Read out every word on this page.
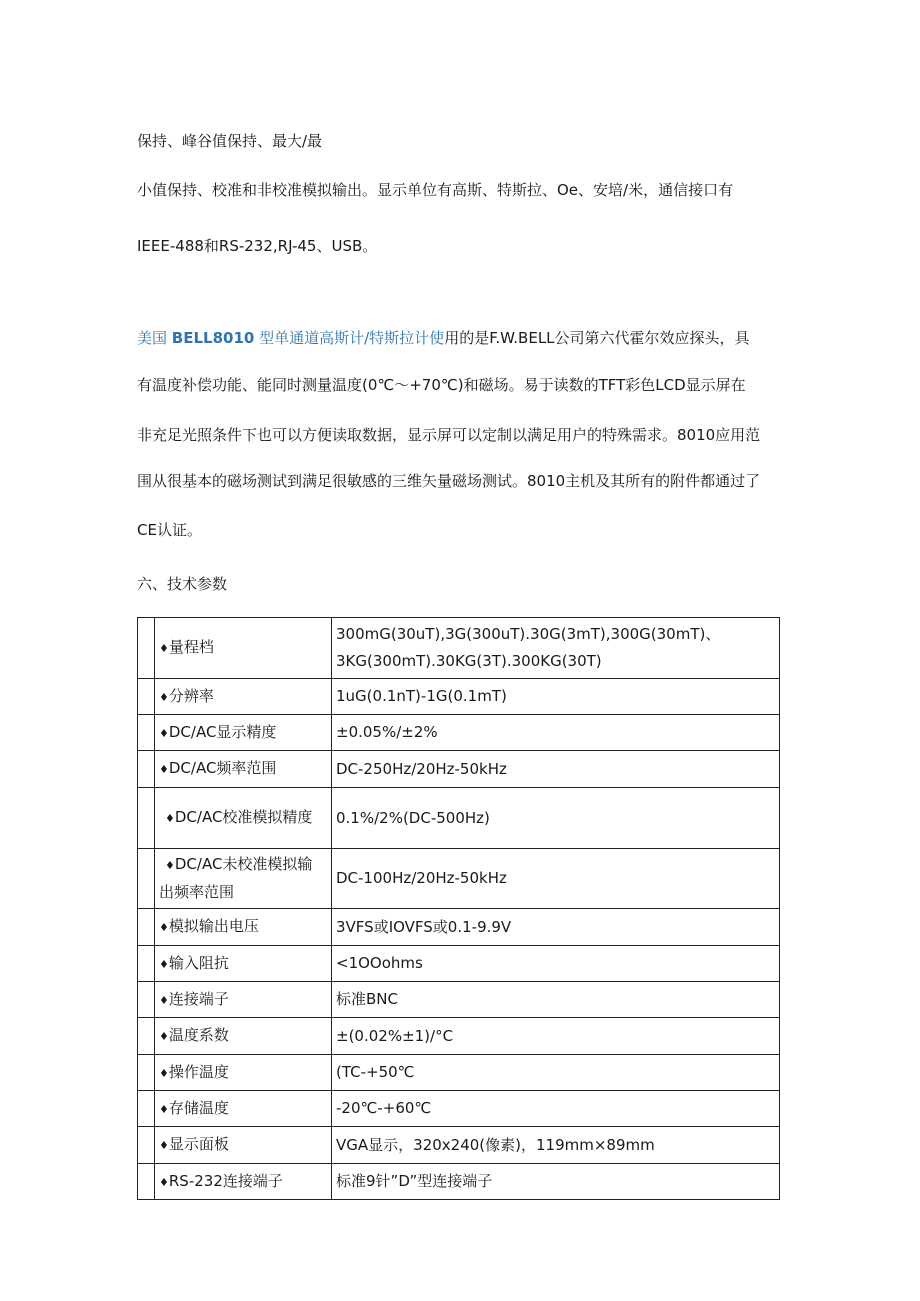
保持、峰谷值保持、最大/最
小值保持、校准和非校准模拟输出。显示单位有高斯、特斯拉、Oe、安培/米，通信接口有
IEEE-488和RS-232,RJ-45、USB。
美国 BELL8010 型单通道高斯计/特斯拉计使用的是F.W.BELL公司第六代霍尔效应探头，具
有温度补偿功能、能同时测量温度(0℃～+70℃)和磁场。易于读数的TFT彩色LCD显示屏在
非充足光照条件下也可以方便读取数据，显示屏可以定制以满足用户的特殊需求。8010应用范
围从很基本的磁场测试到满足很敏感的三维矢量磁场测试。8010主机及其所有的附件都通过了
CE认证。
六、技术参数
	♦量程档	300mG(30uT),3G(300uT).30G(3mT),300G(30mT)、
3KG(300mT).30KG(3T).300KG(30T)

	♦分辨率	1uG(0.1nT)-1G(0.1mT)
	♦DC/AC显示精度	±0.05%/±2%
	♦DC/AC频率范围	DC-250Hz/20Hz-50kHz
	♦DC/AC校准模拟精度	0.1%/2%(DC-500Hz)

	♦DC/AC未校准模拟输
出频率范围	DC-100Hz/20Hz-50kHz
	♦模拟输出电压	3VFS或IOVFS或0.1-9.9V
	♦输入阻抗	<1OOohms
	♦连接端子	标准BNC
	♦温度系数	±(0.02%±1)∕°C
	♦操作温度	(TC-+50℃
	♦存储温度	-20℃-+60℃
	♦显示面板	VGA显示，320x240(像素)，119mm×89mm
	♦RS-232连接端子	标准9针”D”型连接端子
